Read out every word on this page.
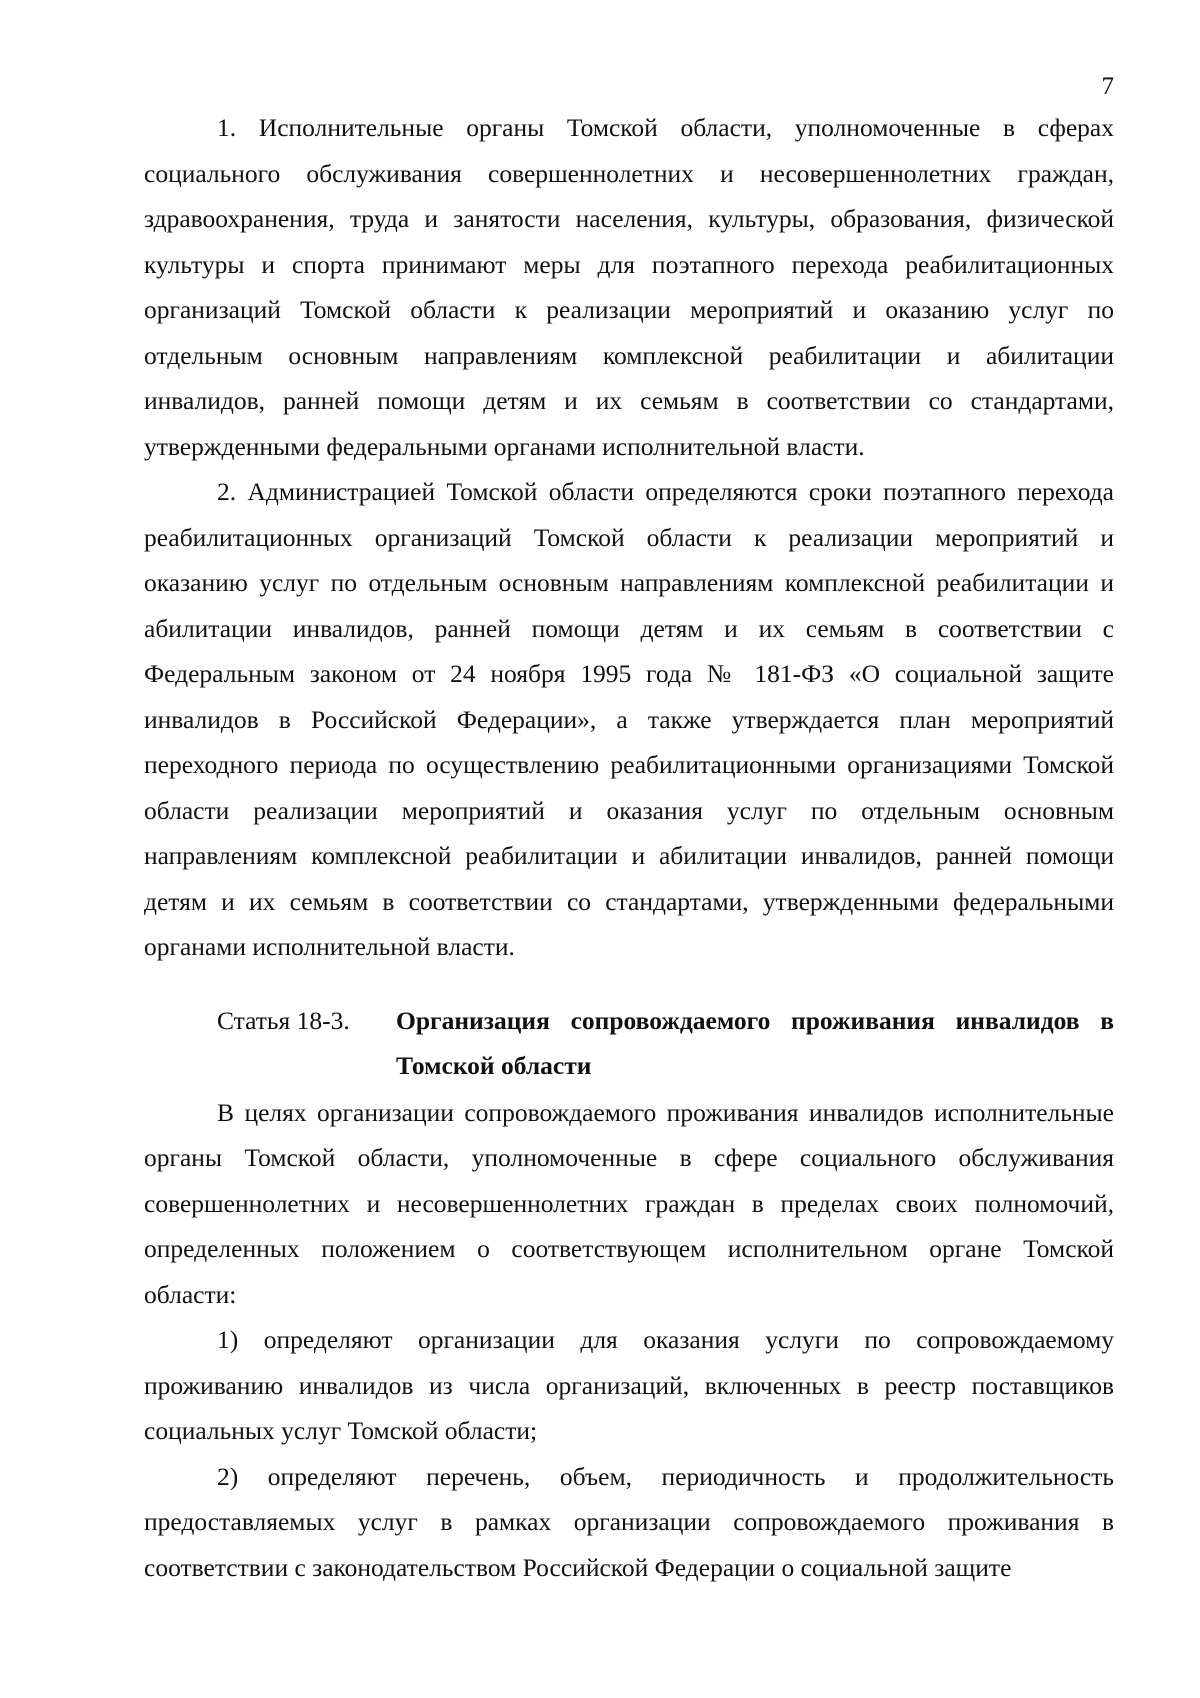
7

1. Исполнительные органы Томской области, уполномоченные в сферах социального обслуживания совершеннолетних и несовершеннолетних граждан, здравоохранения, труда и занятости населения, культуры, образования, физической культуры и спорта принимают меры для поэтапного перехода реабилитационных организаций Томской области к реализации мероприятий и оказанию услуг по отдельным основным направлениям комплексной реабилитации и абилитации инвалидов, ранней помощи детям и их семьям в соответствии со стандартами, утвержденными федеральными органами исполнительной власти.

2. Администрацией Томской области определяются сроки поэтапного перехода реабилитационных организаций Томской области к реализации мероприятий и оказанию услуг по отдельным основным направлениям комплексной реабилитации и абилитации инвалидов, ранней помощи детям и их семьям в соответствии с Федеральным законом от 24 ноября 1995 года № 181-ФЗ «О социальной защите инвалидов в Российской Федерации», а также утверждается план мероприятий переходного периода по осуществлению реабилитационными организациями Томской области реализации мероприятий и оказания услуг по отдельным основным направлениям комплексной реабилитации и абилитации инвалидов, ранней помощи детям и их семьям в соответствии со стандартами, утвержденными федеральными органами исполнительной власти.

Статья 18-3.	Организация сопровождаемого проживания инвалидов в Томской области

В целях организации сопровождаемого проживания инвалидов исполнительные органы Томской области, уполномоченные в сфере социального обслуживания совершеннолетних и несовершеннолетних граждан в пределах своих полномочий, определенных положением о соответствующем исполнительном органе Томской области:

1) определяют организации для оказания услуги по сопровождаемому проживанию инвалидов из числа организаций, включенных в реестр поставщиков социальных услуг Томской области;

2) определяют перечень, объем, периодичность и продолжительность предоставляемых услуг в рамках организации сопровождаемого проживания в соответствии с законодательством Российской Федерации о социальной защите
